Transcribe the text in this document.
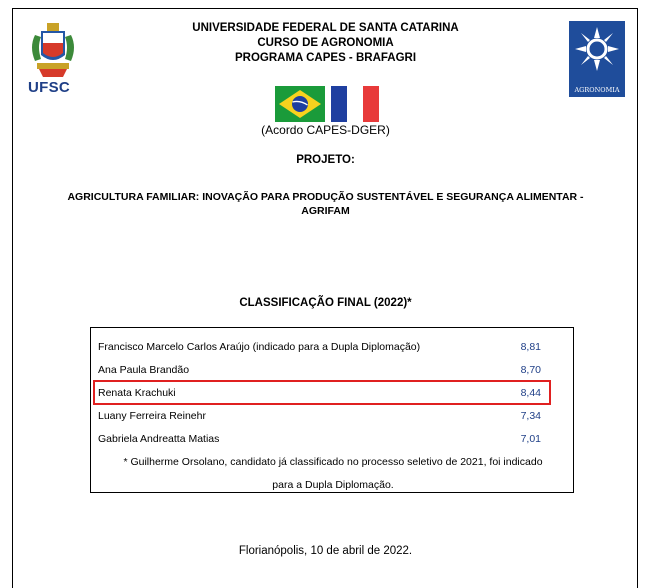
UFSC
UNIVERSIDADE FEDERAL DE SANTA CATARINA
CURSO DE AGRONOMIA
PROGRAMA CAPES - BRAFAGRI
AGRONOMIA
(Acordo CAPES-DGER)
PROJETO:
AGRICULTURA FAMILIAR: INOVAÇÃO PARA PRODUÇÃO SUSTENTÁVEL E SEGURANÇA ALIMENTAR -
AGRIFAM
CLASSIFICAÇÃO FINAL (2022)*
Francisco Marcelo Carlos Araújo (indicado para a Dupla Diplomação)	8,81
Ana Paula Brandão	8,70
Renata Krachuki	8,44
Luany Ferreira Reinehr	7,34
Gabriela Andreatta Matias	7,01
* Guilherme Orsolano, candidato já classificado no processo seletivo de 2021, foi indicado
para a Dupla Diplomação.
Florianópolis, 10 de abril de 2022.
